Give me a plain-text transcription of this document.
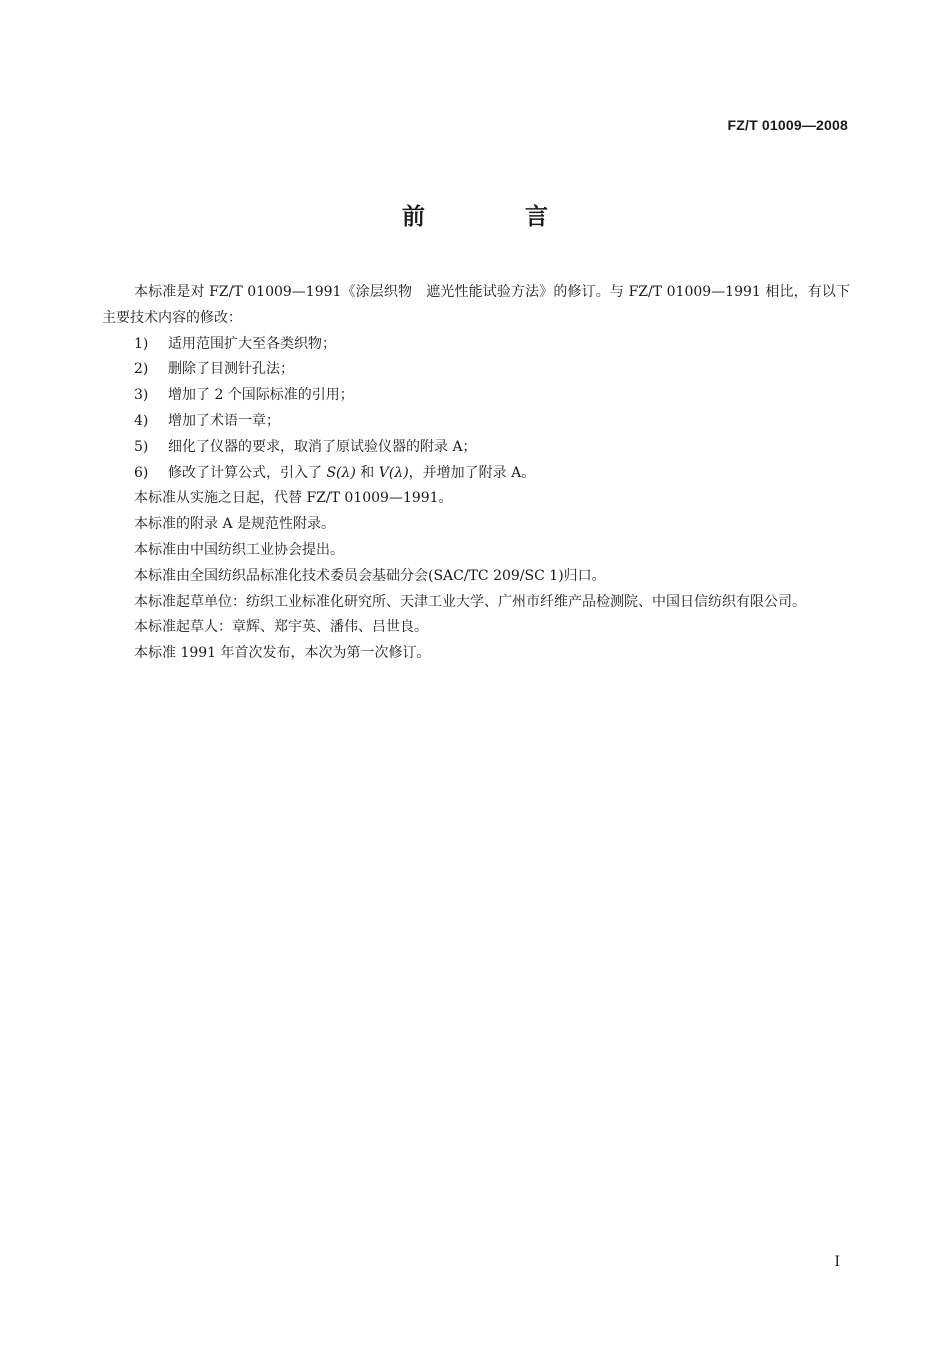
FZ/T 01009—2008
前 言

本标准是对 FZ/T 01009—1991《涂层织物　遮光性能试验方法》的修订。与 FZ/T 01009—1991 相比，有以下主要技术内容的修改：

1) 适用范围扩大至各类织物；
2) 删除了目测针孔法；
3) 增加了 2 个国际标准的引用；
4) 增加了术语一章；
5) 细化了仪器的要求，取消了原试验仪器的附录 A；
6) 修改了计算公式，引入了 S(λ) 和 V(λ)，并增加了附录 A。

本标准从实施之日起，代替 FZ/T 01009—1991。

本标准的附录 A 是规范性附录。

本标准由中国纺织工业协会提出。

本标准由全国纺织品标准化技术委员会基础分会(SAC/TC 209/SC 1)归口。

本标准起草单位：纺织工业标准化研究所、天津工业大学、广州市纤维产品检测院、中国日信纺织有限公司。

本标准起草人：章辉、郑宇英、潘伟、吕世良。

本标准 1991 年首次发布，本次为第一次修订。

I
